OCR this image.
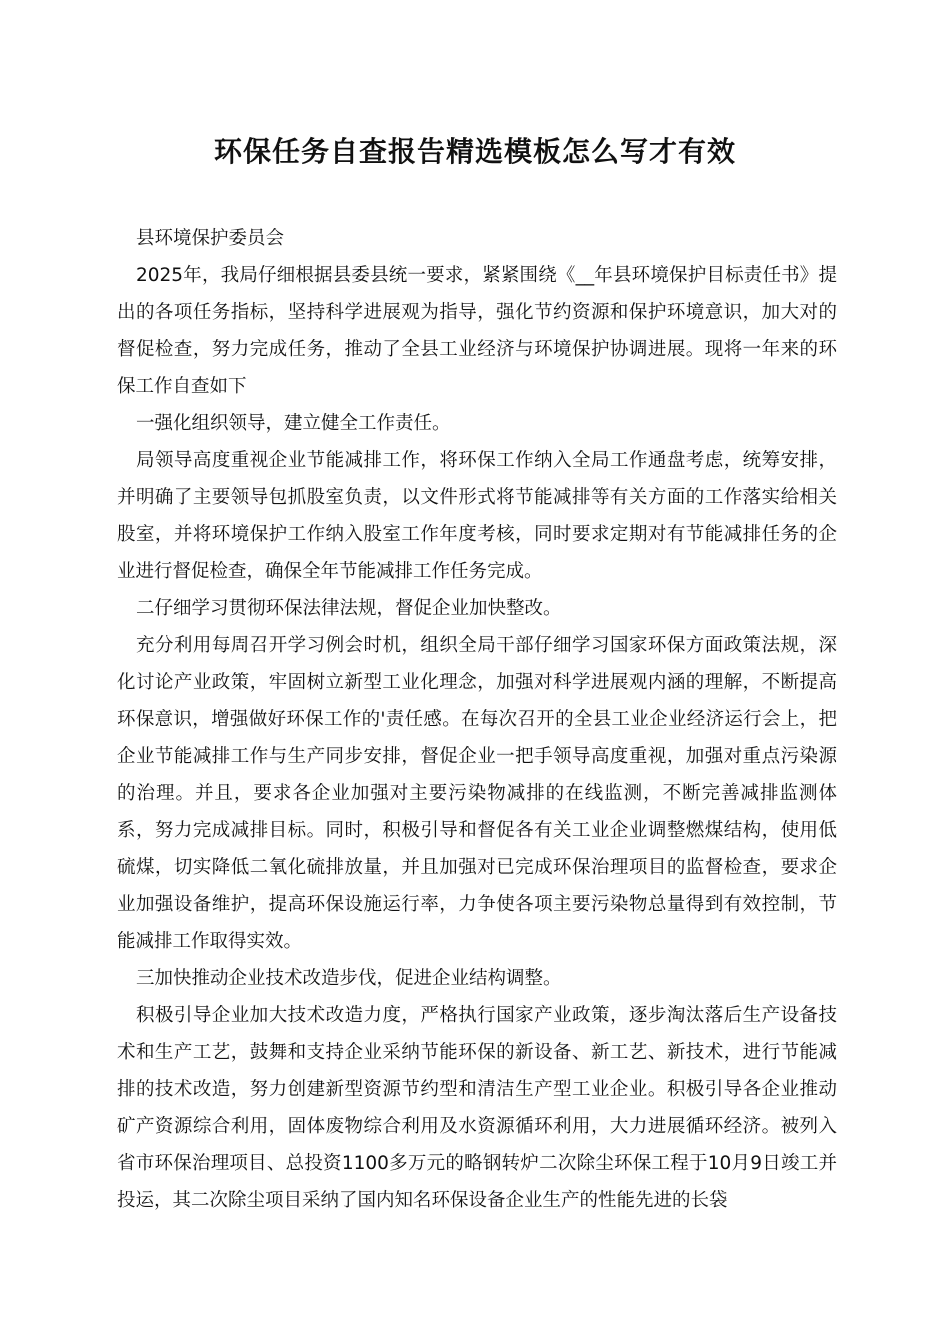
环保任务自查报告精选模板怎么写才有效

县环境保护委员会

2025年，我局仔细根据县委县统一要求，紧紧围绕《__年县环境保护目标责任书》提出的各项任务指标，坚持科学进展观为指导，强化节约资源和保护环境意识，加大对的督促检查，努力完成任务，推动了全县工业经济与环境保护协调进展。现将一年来的环保工作自查如下

一强化组织领导，建立健全工作责任。

局领导高度重视企业节能减排工作，将环保工作纳入全局工作通盘考虑，统筹安排，并明确了主要领导包抓股室负责，以文件形式将节能减排等有关方面的工作落实给相关股室，并将环境保护工作纳入股室工作年度考核，同时要求定期对有节能减排任务的企业进行督促检查，确保全年节能减排工作任务完成。

二仔细学习贯彻环保法律法规，督促企业加快整改。

充分利用每周召开学习例会时机，组织全局干部仔细学习国家环保方面政策法规，深化讨论产业政策，牢固树立新型工业化理念，加强对科学进展观内涵的理解，不断提高环保意识，增强做好环保工作的'责任感。在每次召开的全县工业企业经济运行会上，把企业节能减排工作与生产同步安排，督促企业一把手领导高度重视，加强对重点污染源的治理。并且，要求各企业加强对主要污染物减排的在线监测，不断完善减排监测体系，努力完成减排目标。同时，积极引导和督促各有关工业企业调整燃煤结构，使用低硫煤，切实降低二氧化硫排放量，并且加强对已完成环保治理项目的监督检查，要求企业加强设备维护，提高环保设施运行率，力争使各项主要污染物总量得到有效控制，节能减排工作取得实效。

三加快推动企业技术改造步伐，促进企业结构调整。

积极引导企业加大技术改造力度，严格执行国家产业政策，逐步淘汰落后生产设备技术和生产工艺，鼓舞和支持企业采纳节能环保的新设备、新工艺、新技术，进行节能减排的技术改造，努力创建新型资源节约型和清洁生产型工业企业。积极引导各企业推动矿产资源综合利用，固体废物综合利用及水资源循环利用，大力进展循环经济。被列入省市环保治理项目、总投资1100多万元的略钢转炉二次除尘环保工程于10月9日竣工并投运，其二次除尘项目采纳了国内知名环保设备企业生产的性能先进的长袋
